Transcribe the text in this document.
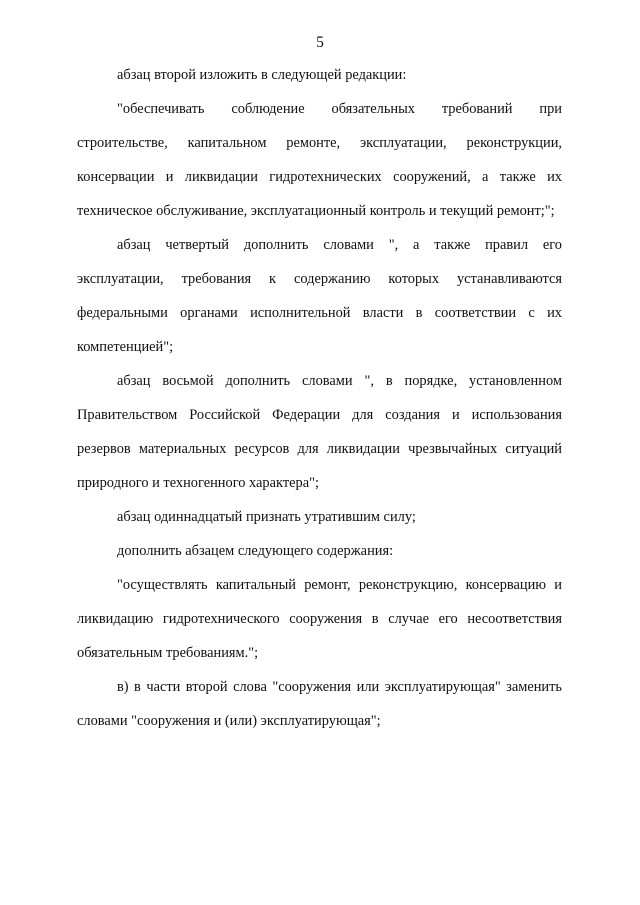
5

абзац второй изложить в следующей редакции:

"обеспечивать соблюдение обязательных требований при строительстве, капитальном ремонте, эксплуатации, реконструкции, консервации и ликвидации гидротехнических сооружений, а также их техническое обслуживание, эксплуатационный контроль и текущий ремонт;";

абзац четвертый дополнить словами ", а также правил его эксплуатации, требования к содержанию которых устанавливаются федеральными органами исполнительной власти в соответствии с их компетенцией";

абзац восьмой дополнить словами ", в порядке, установленном Правительством Российской Федерации для создания и использования резервов материальных ресурсов для ликвидации чрезвычайных ситуаций природного и техногенного характера";

абзац одиннадцатый признать утратившим силу;

дополнить абзацем следующего содержания:

"осуществлять капитальный ремонт, реконструкцию, консервацию и ликвидацию гидротехнического сооружения в случае его несоответствия обязательным требованиям.";

в) в части второй слова "сооружения или эксплуатирующая" заменить словами "сооружения и (или) эксплуатирующая";
